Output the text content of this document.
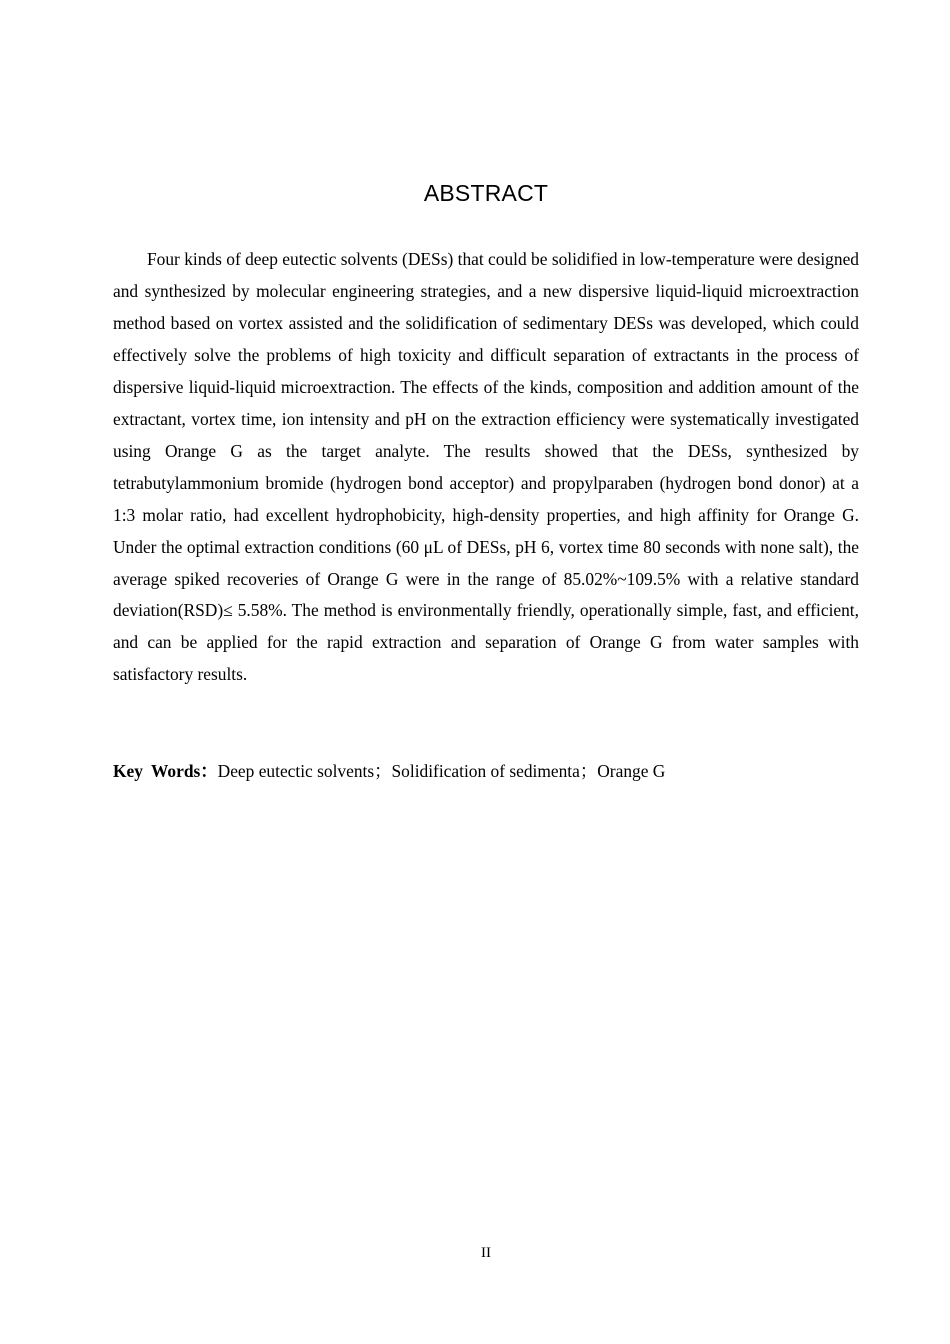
ABSTRACT

Four kinds of deep eutectic solvents (DESs) that could be solidified in low-temperature were designed and synthesized by molecular engineering strategies, and a new dispersive liquid-liquid microextraction method based on vortex assisted and the solidification of sedimentary DESs was developed, which could effectively solve the problems of high toxicity and difficult separation of extractants in the process of dispersive liquid-liquid microextraction. The effects of the kinds, composition and addition amount of the extractant, vortex time, ion intensity and pH on the extraction efficiency were systematically investigated using Orange G as the target analyte. The results showed that the DESs, synthesized by tetrabutylammonium bromide (hydrogen bond acceptor) and propylparaben (hydrogen bond donor) at a 1:3 molar ratio, had excellent hydrophobicity, high-density properties, and high affinity for Orange G. Under the optimal extraction conditions (60 μL of DESs, pH 6, vortex time 80 seconds with none salt), the average spiked recoveries of Orange G were in the range of 85.02%~109.5% with a relative standard deviation(RSD)≤ 5.58%. The method is environmentally friendly, operationally simple, fast, and efficient, and can be applied for the rapid extraction and separation of Orange G from water samples with satisfactory results.

Key Words：Deep eutectic solvents；Solidification of sedimenta；Orange G

II
